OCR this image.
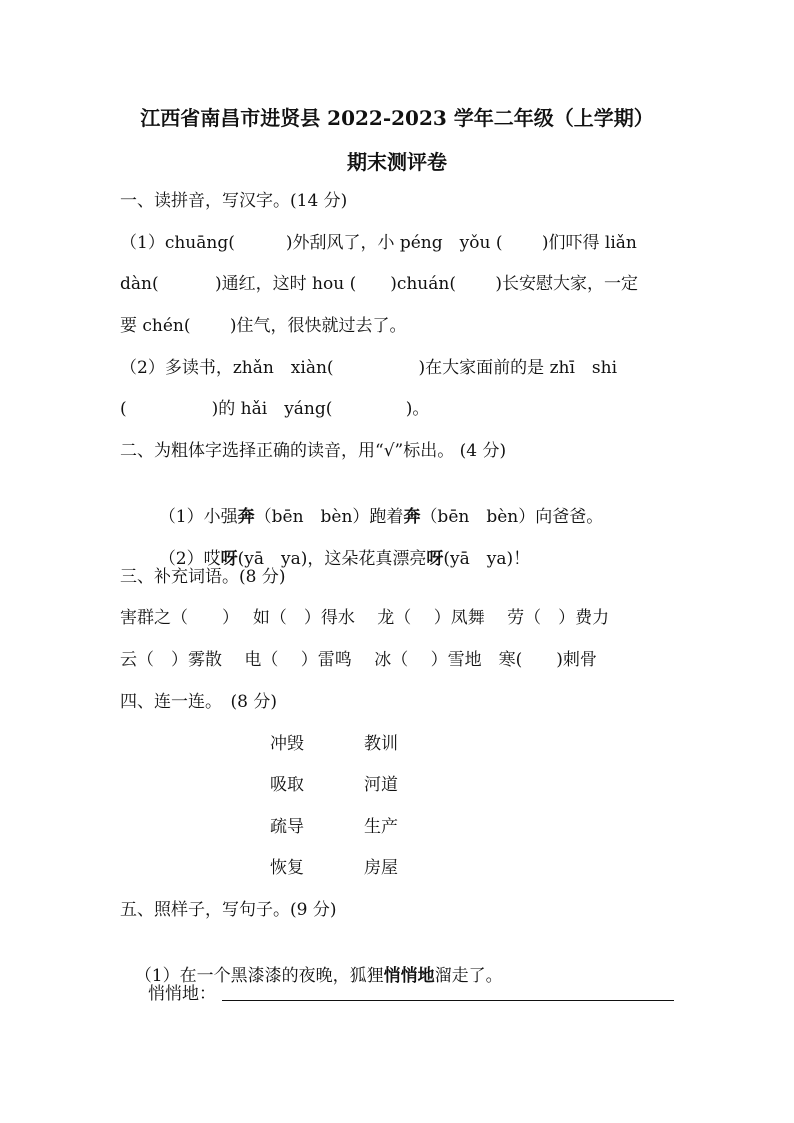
江西省南昌市进贤县 2022-2023 学年二年级（上学期）
期末测评卷
一、读拼音，写汉字。(14 分)
（1）chuāng(　　　)外刮风了，小 péng　yǒu (　　 )们吓得 liǎn
dàn(　　　 )通红，这时 hou (　　)chuán(　　 )长安慰大家，一定
要 chén(　　 )住气，很快就过去了。
（2）多读书，zhǎn　xiàn(　　　　　)在大家面前的是 zhī　shi
(　　　　　)的 hǎi　yáng(　　　　 )。
二、为粗体字选择正确的读音，用“√”标出。 (4 分)

（1）小强奔（bēn　bèn）跑着奔（bēn　bèn）向爸爸。

（2）哎呀(yā　ya)，这朵花真漂亮呀(yā　ya)！

三、补充词语。(8 分)
害群之（　　）　 如（　）得水　 龙（　 ）凤舞　 劳（　）费力
云（　）雾散　 电（　 ）雷鸣　 冰（　 ）雪地　寒(　　)刺骨
四、连一连。　(8 分)
冲毁	教训
吸取	河道
疏导	生产
恢复	房屋
五、照样子，写句子。(9 分)

（1）在一个黑漆漆的夜晚，狐狸悄悄地溜走了。

悄悄地：
